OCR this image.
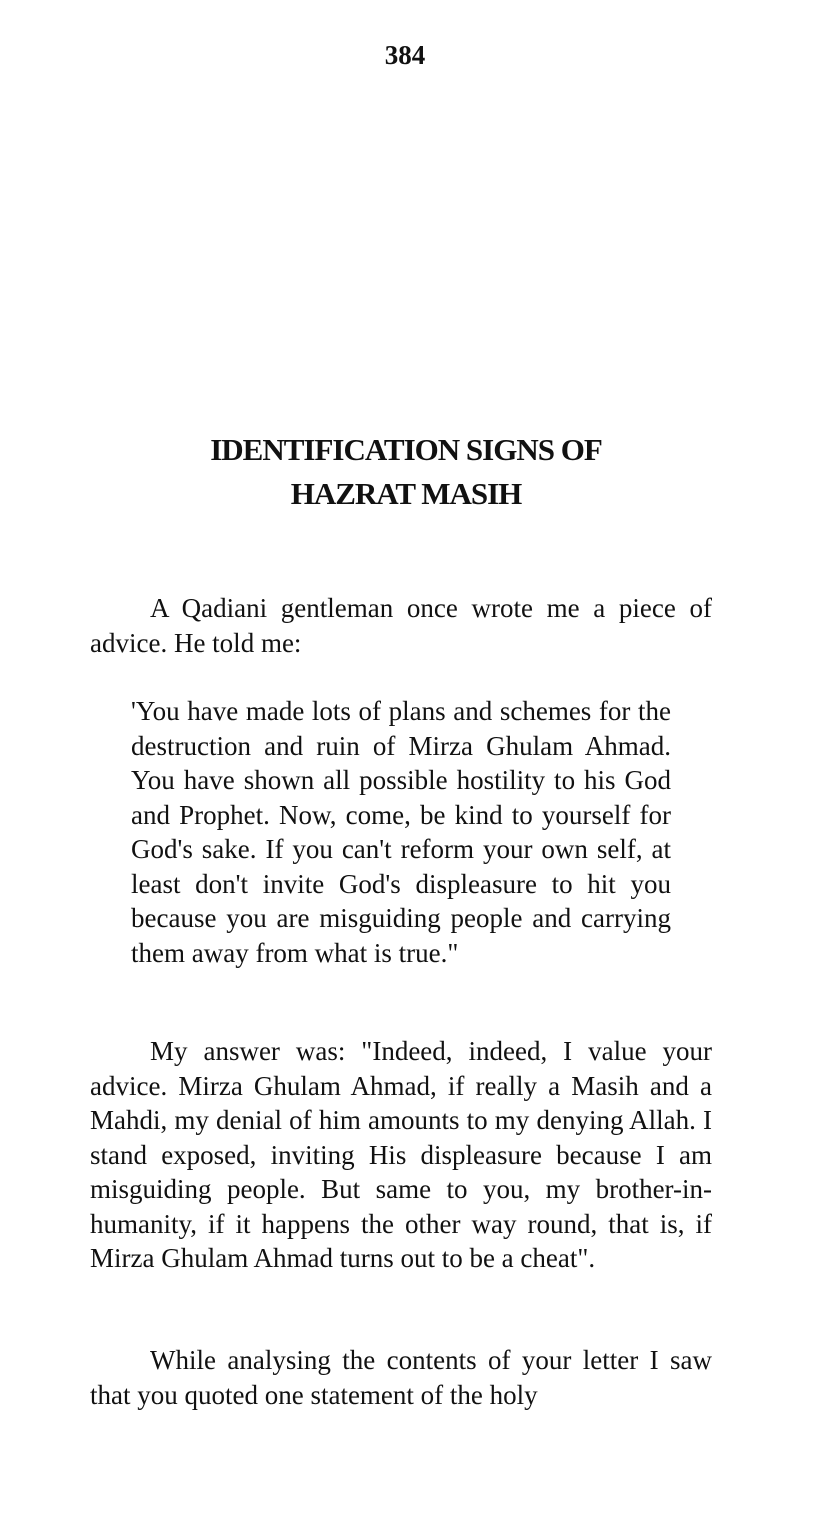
384
IDENTIFICATION SIGNS OF
HAZRAT MASIH
A Qadiani gentleman once wrote me a piece of advice. He told me:
'You have made lots of plans and schemes for the destruction and ruin of Mirza Ghulam Ahmad. You have shown all possible hostility to his God and Prophet. Now, come, be kind to yourself for God's sake. If you can't reform your own self, at least don't invite God's displeasure to hit you because you are misguiding people and carrying them away from what is true."
My answer was: "Indeed, indeed, I value your advice. Mirza Ghulam Ahmad, if really a Masih and a Mahdi, my denial of him amounts to my denying Allah. I stand exposed, inviting His displeasure because I am misguiding people. But same to you, my brother-in-humanity, if it happens the other way round, that is, if Mirza Ghulam Ahmad turns out to be a cheat".
While analysing the contents of your letter I saw that you quoted one statement of the holy
